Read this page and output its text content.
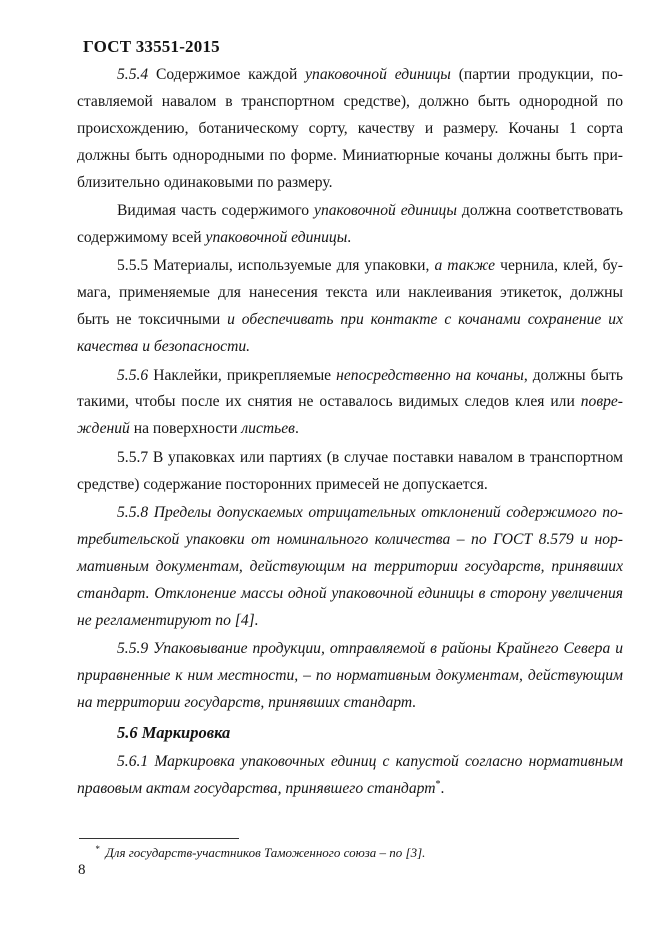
ГОСТ 33551-2015
5.5.4 Содержимое каждой упаковочной единицы (партии продукции, по-
ставляемой навалом в транспортном средстве), должно быть однородной по
происхождению, ботаническому сорту, качеству и размеру. Кочаны 1 сорта
должны быть однородными по форме. Миниатюрные кочаны должны быть при-
близительно одинаковыми по размеру.
Видимая часть содержимого упаковочной единицы должна соответствовать
содержимому всей упаковочной единицы.
5.5.5 Материалы, используемые для упаковки, а также чернила, клей, бу-
мага, применяемые для нанесения текста или наклеивания этикеток, должны
быть не токсичными и обеспечивать при контакте с кочанами сохранение их
качества и безопасности.
5.5.6 Наклейки, прикрепляемые непосредственно на кочаны, должны быть
такими, чтобы после их снятия не оставалось видимых следов клея или повре-
ждений на поверхности листьев.
5.5.7 В упаковках или партиях (в случае поставки навалом в транспортном
средстве) содержание посторонних примесей не допускается.
5.5.8 Пределы допускаемых отрицательных отклонений содержимого по-
требительской упаковки от номинального количества – по ГОСТ 8.579 и нор-
мативным документам, действующим на территории государств, принявших
стандарт. Отклонение массы одной упаковочной единицы в сторону увеличения
не регламентируют по [4].
5.5.9 Упаковывание продукции, отправляемой в районы Крайнего Севера и
приравненные к ним местности, – по нормативным документам, действующим
на территории государств, принявших стандарт.
5.6 Маркировка
5.6.1 Маркировка упаковочных единиц с капустой согласно нормативным
правовым актам государства, принявшего стандарт*.
* Для государств-участников Таможенного союза – по [3].
8
